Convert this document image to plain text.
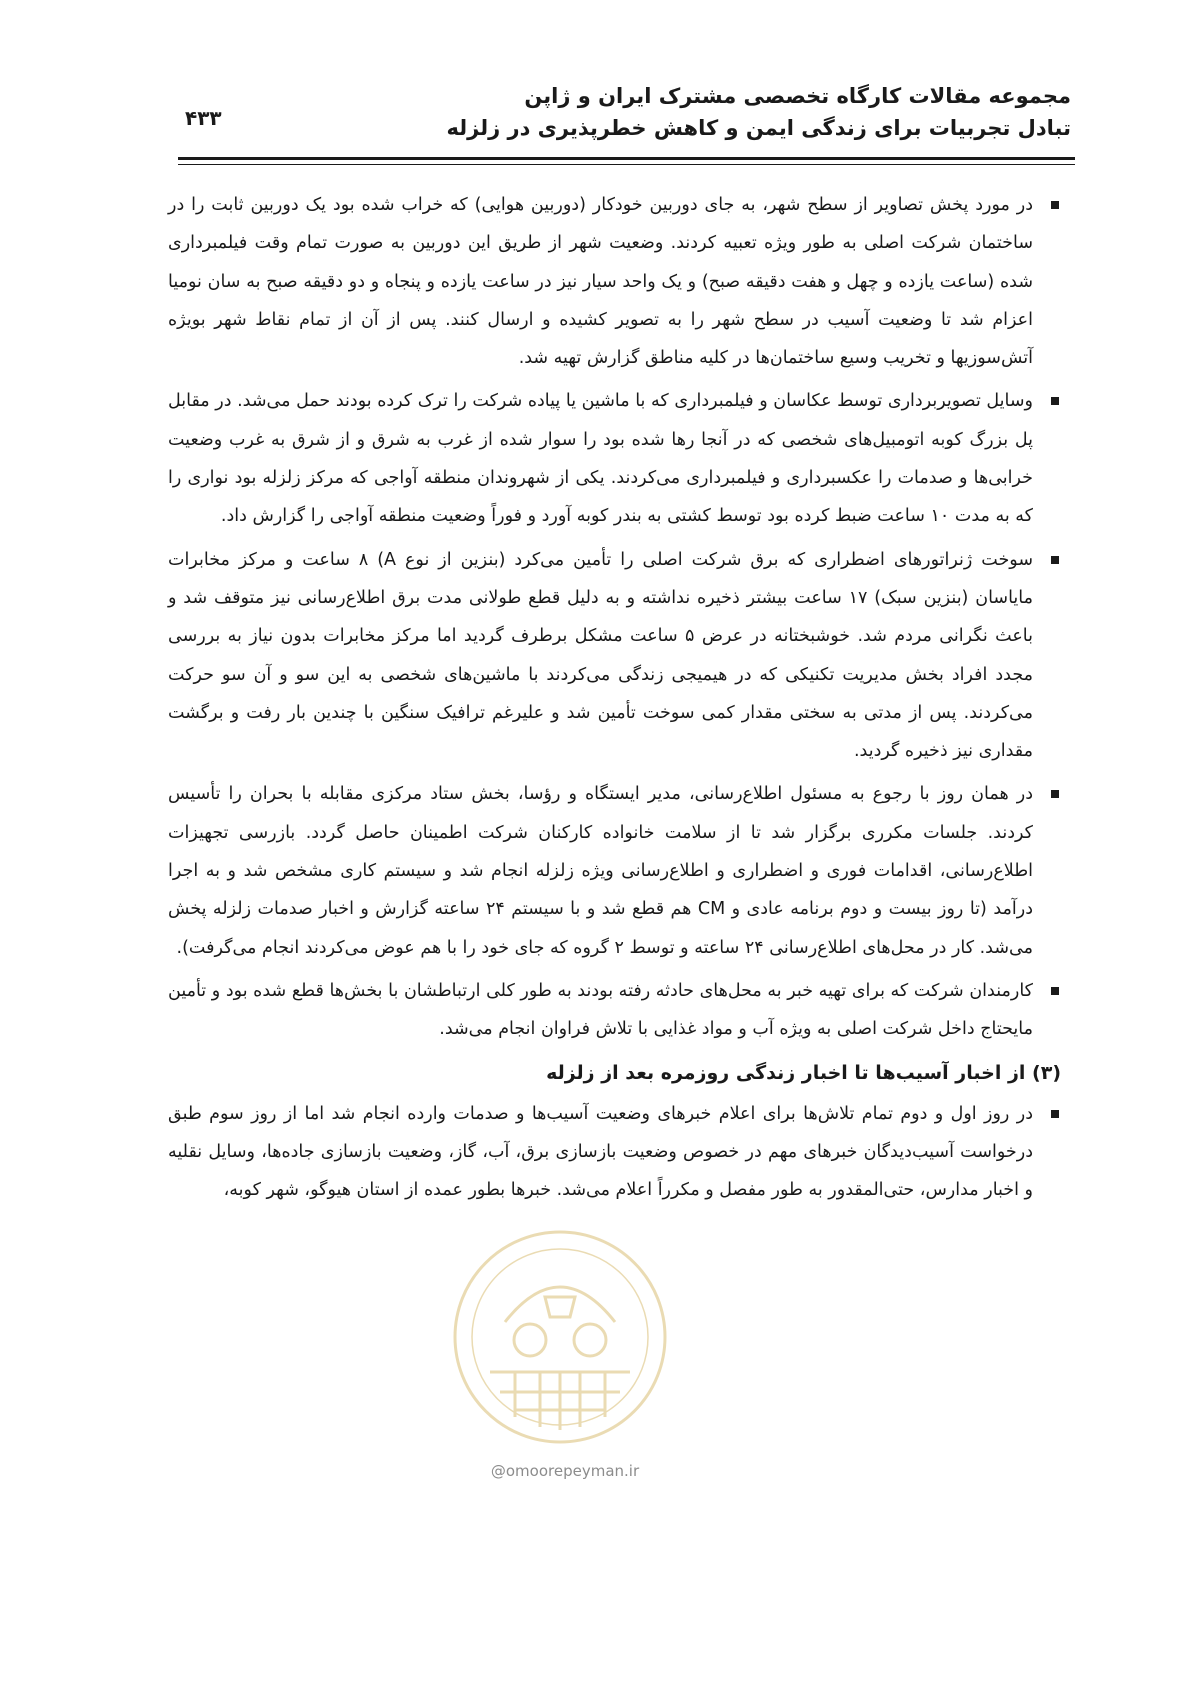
مجموعه مقالات کارگاه تخصصی مشترک ایران و ژاپن
تبادل تجربیات برای زندگی ایمن و کاهش خطرپذیری در زلزله
۴۳۳
در مورد پخش تصاویر از سطح شهر، به جای دوربین خودکار (دوربین هوایی) که خراب شده بود یک دوربین ثابت را در ساختمان شرکت اصلی به طور ویژه تعبیه کردند. وضعیت شهر از طریق این دوربین به صورت تمام وقت فیلمبرداری شده (ساعت یازده و چهل و هفت دقیقه صبح) و یک واحد سیار نیز در ساعت یازده و پنجاه و دو دقیقه صبح به سان نومیا اعزام شد تا وضعیت آسیب در سطح شهر را به تصویر کشیده و ارسال کنند. پس از آن از تمام نقاط شهر بویژه آتش‌سوزیها و تخریب وسیع ساختمان‌ها در کلیه مناطق گزارش تهیه شد.
وسایل تصویربرداری توسط عکاسان و فیلمبرداری که با ماشین یا پیاده شرکت را ترک کرده بودند حمل می‌شد. در مقابل پل بزرگ کوبه اتومبیل‌های شخصی که در آنجا رها شده بود را سوار شده از غرب به شرق و از شرق به غرب وضعیت خرابی‌ها و صدمات را عکسبرداری و فیلمبرداری می‌کردند. یکی از شهروندان منطقه آواجی که مرکز زلزله بود نواری را که به مدت ۱۰ ساعت ضبط کرده بود توسط کشتی به بندر کوبه آورد و فوراً وضعیت منطقه آواجی را گزارش داد.
سوخت ژنراتورهای اضطراری که برق شرکت اصلی را تأمین می‌کرد (بنزین از نوع A) ۸ ساعت و مرکز مخابرات مایاسان (بنزین سبک) ۱۷ ساعت بیشتر ذخیره نداشته و به دلیل قطع طولانی مدت برق اطلاع‌رسانی نیز متوقف شد و باعث نگرانی مردم شد. خوشبختانه در عرض ۵ ساعت مشکل برطرف گردید اما مرکز مخابرات بدون نیاز به بررسی مجدد افراد بخش مدیریت تکنیکی که در هیمیجی زندگی می‌کردند با ماشین‌های شخصی به این سو و آن سو حرکت می‌کردند. پس از مدتی به سختی مقدار کمی سوخت تأمین شد و علیرغم ترافیک سنگین با چندین بار رفت و برگشت مقداری نیز ذخیره گردید.
در همان روز با رجوع به مسئول اطلاع‌رسانی، مدیر ایستگاه و رؤسا، بخش ستاد مرکزی مقابله با بحران را تأسیس کردند. جلسات مکرری برگزار شد تا از سلامت خانواده کارکنان شرکت اطمینان حاصل گردد. بازرسی تجهیزات اطلاع‌رسانی، اقدامات فوری و اضطراری و اطلاع‌رسانی ویژه زلزله انجام شد و سیستم کاری مشخص شد و به اجرا درآمد (تا روز بیست و دوم برنامه عادی و CM هم قطع شد و با سیستم ۲۴ ساعته گزارش و اخبار صدمات زلزله پخش می‌شد. کار در محل‌های اطلاع‌رسانی ۲۴ ساعته و توسط ۲ گروه که جای خود را با هم عوض می‌کردند انجام می‌گرفت).
کارمندان شرکت که برای تهیه خبر به محل‌های حادثه رفته بودند به طور کلی ارتباطشان با بخش‌ها قطع شده بود و تأمین مایحتاج داخل شرکت اصلی به ویژه آب و مواد غذایی با تلاش فراوان انجام می‌شد.
(۳) از اخبار آسیب‌ها تا اخبار زندگی روزمره بعد از زلزله
در روز اول و دوم تمام تلاش‌ها برای اعلام خبرهای وضعیت آسیب‌ها و صدمات وارده انجام شد اما از روز سوم طبق درخواست آسیب‌دیدگان خبرهای مهم در خصوص وضعیت بازسازی برق، آب، گاز، وضعیت بازسازی جاده‌ها، وسایل نقلیه و اخبار مدارس، حتی‌المقدور به طور مفصل و مکرراً اعلام می‌شد. خبرها بطور عمده از استان هیوگو، شهر کوبه،
@omoorepeyman.ir
